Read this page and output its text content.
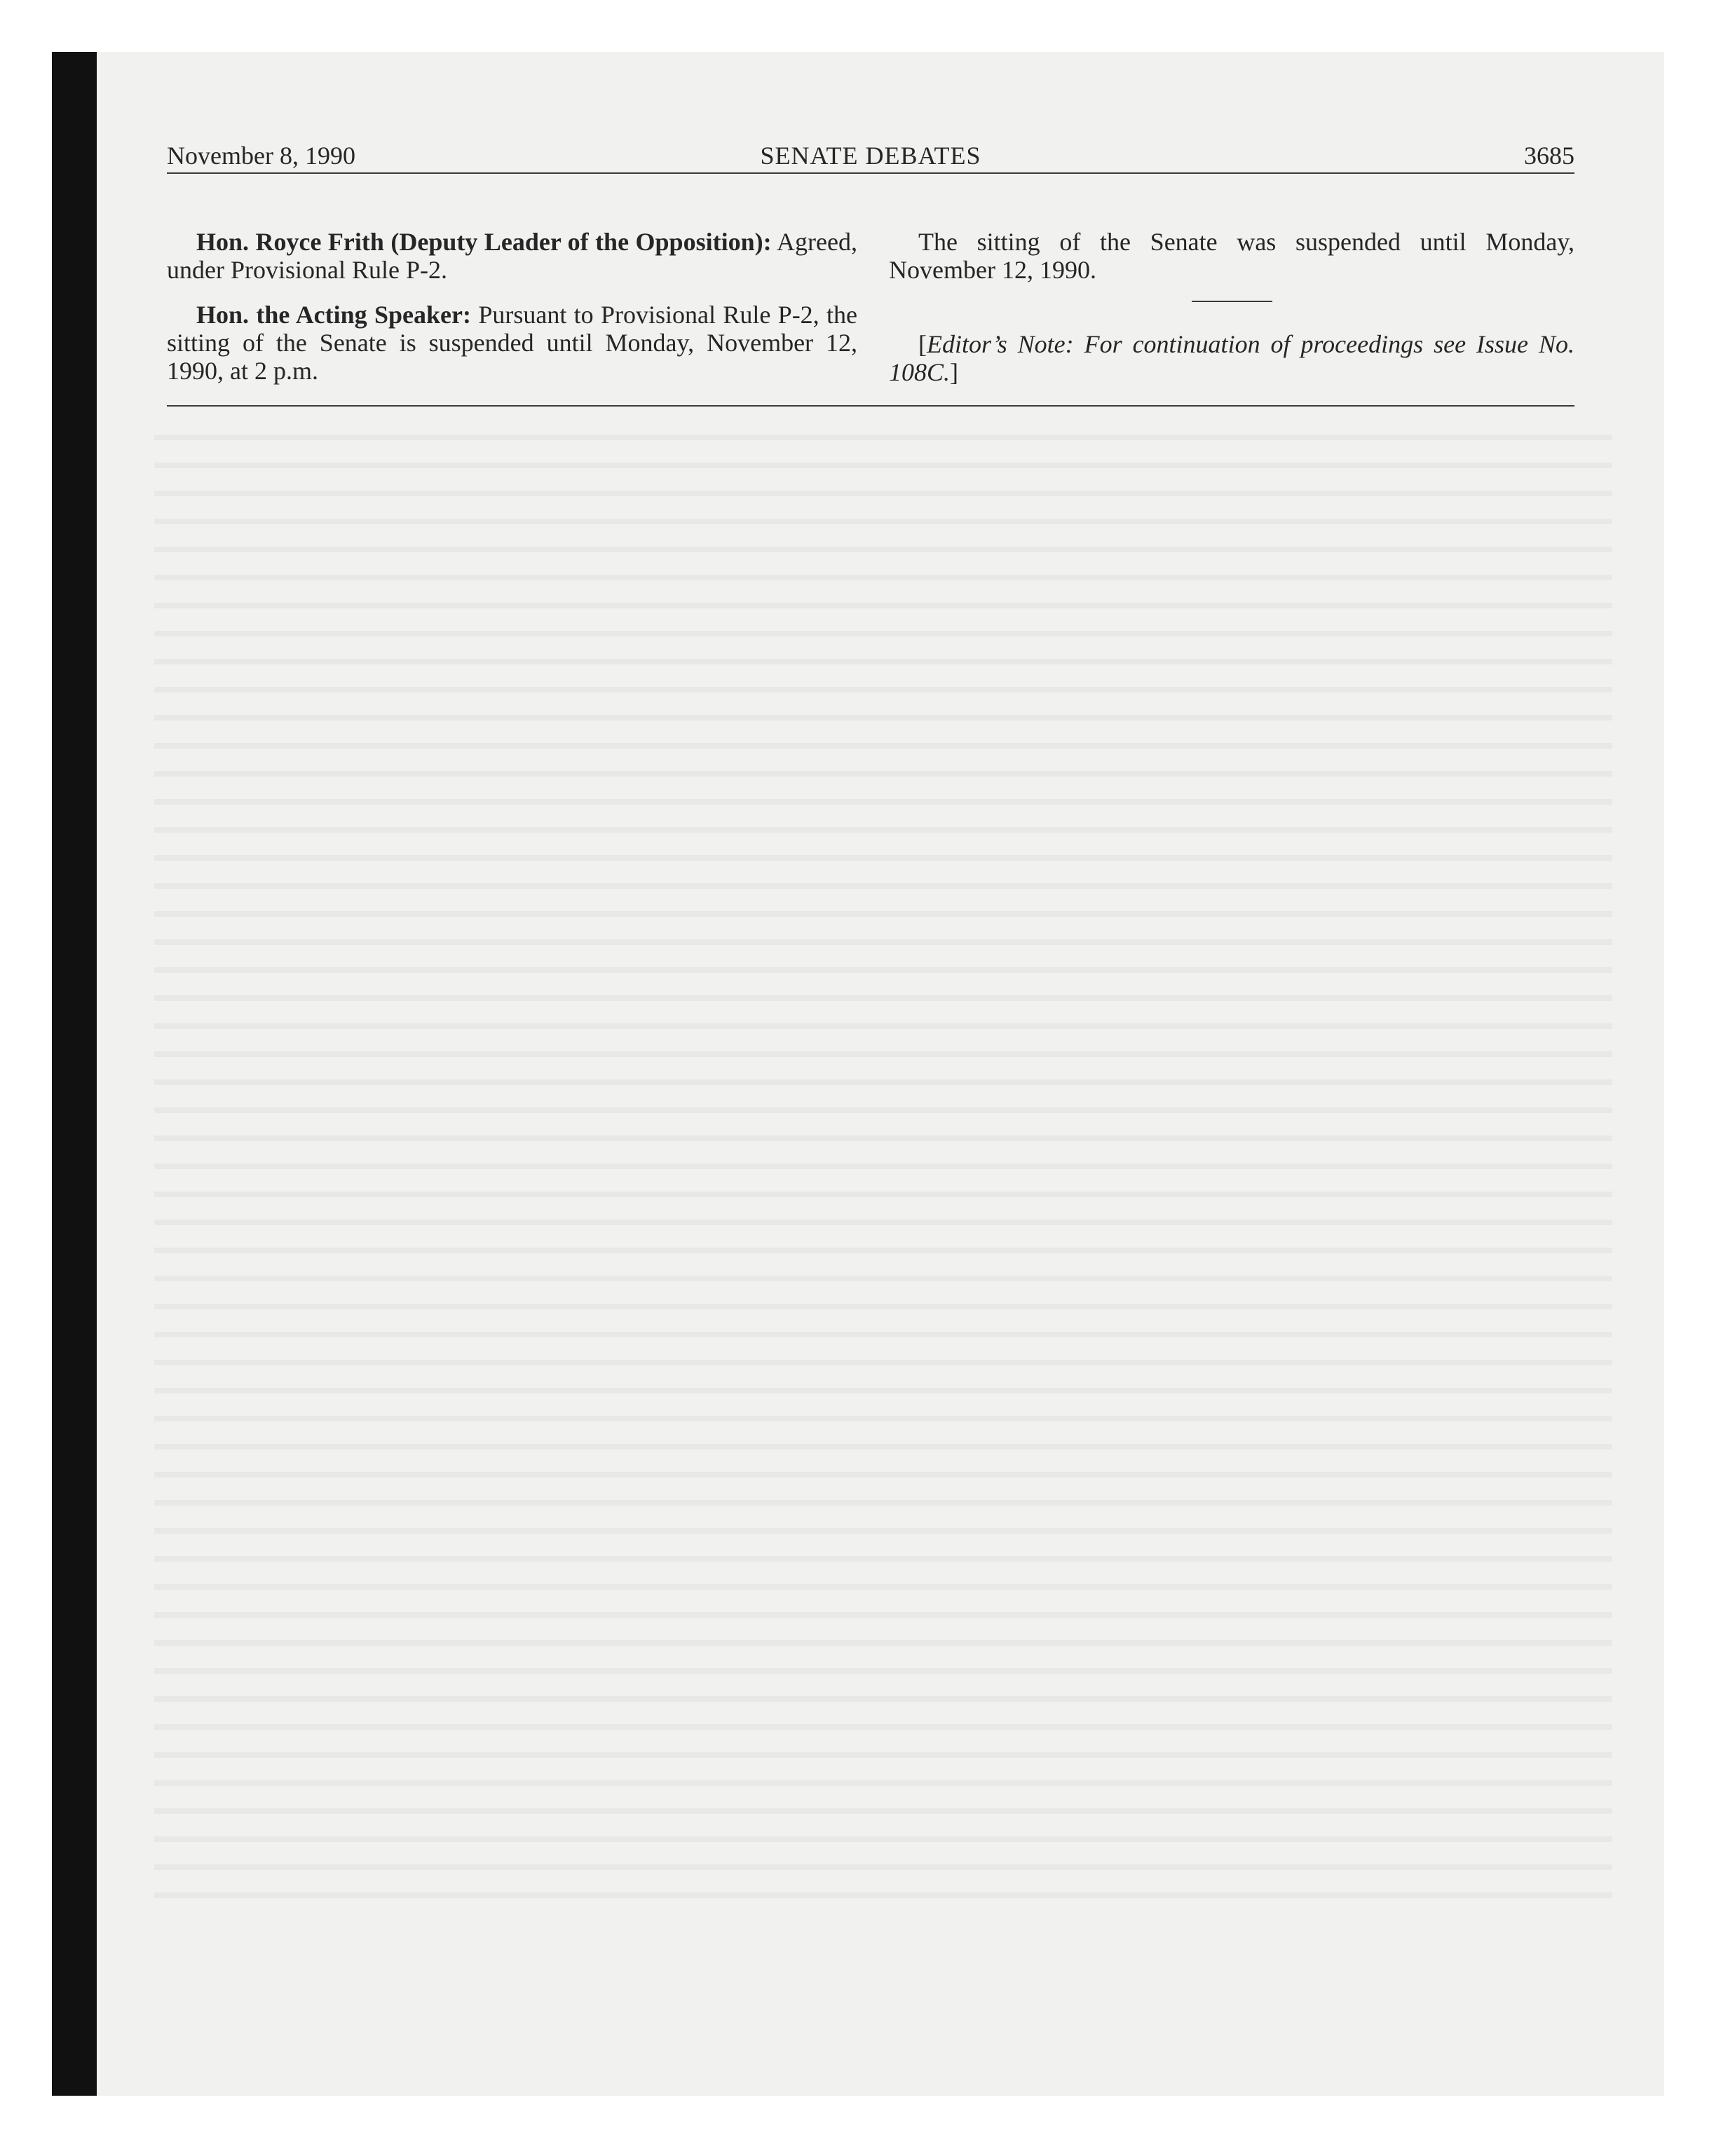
November 8, 1990	SENATE DEBATES	3685

Hon. Royce Frith (Deputy Leader of the Opposition): Agreed, under Provisional Rule P-2.

Hon. the Acting Speaker: Pursuant to Provisional Rule P-2, the sitting of the Senate is suspended until Monday, November 12, 1990, at 2 p.m.

The sitting of the Senate was suspended until Monday, November 12, 1990.

[Editor’s Note: For continuation of proceedings see Issue No. 108C.]
